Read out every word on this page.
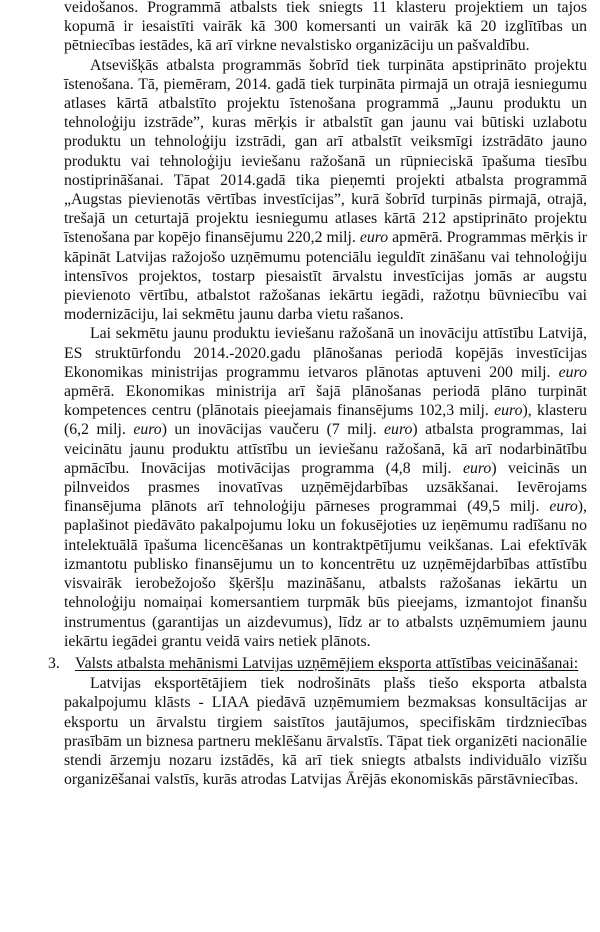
veidošanos. Programmā atbalsts tiek sniegts 11 klasteru projektiem un tajos kopumā ir iesaistīti vairāk kā 300 komersanti un vairāk kā 20 izglītības un pētniecības iestādes, kā arī virkne nevalstisko organizāciju un pašvaldību.

Atsevišķās atbalsta programmās šobrīd tiek turpināta apstiprināto projektu īstenošana. Tā, piemēram, 2014. gadā tiek turpināta pirmajā un otrajā iesniegumu atlases kārtā atbalstīto projektu īstenošana programmā „Jaunu produktu un tehnoloģiju izstrāde”, kuras mērķis ir atbalstīt gan jaunu vai būtiski uzlabotu produktu un tehnoloģiju izstrādi, gan arī atbalstīt veiksmīgi izstrādāto jauno produktu vai tehnoloģiju ieviešanu ražošanā un rūpnieciskā īpašuma tiesību nostiprināšanai. Tāpat 2014.gadā tika pieņemti projekti atbalsta programmā „Augstas pievienotās vērtības investīcijas”, kurā šobrīd turpinās pirmajā, otrajā, trešajā un ceturtajā projektu iesniegumu atlases kārtā 212 apstiprināto projektu īstenošana par kopējo finansējumu 220,2 milj. euro apmērā. Programmas mērķis ir kāpināt Latvijas ražojošo uzņēmumu potenciālu ieguldīt zināšanu vai tehnoloģiju intensīvos projektos, tostarp piesaistīt ārvalstu investīcijas jomās ar augstu pievienoto vērtību, atbalstot ražošanas iekārtu iegādi, ražotņu būvniecību vai modernizāciju, lai sekmētu jaunu darba vietu rašanos.

Lai sekmētu jaunu produktu ieviešanu ražošanā un inovāciju attīstību Latvijā, ES struktūrfondu 2014.-2020.gadu plānošanas periodā kopējās investīcijas Ekonomikas ministrijas programmu ietvaros plānotas aptuveni 200 milj. euro apmērā. Ekonomikas ministrija arī šajā plānošanas periodā plāno turpināt kompetences centru (plānotais pieejamais finansējums 102,3 milj. euro), klasteru (6,2 milj. euro) un inovācijas vaučeru (7 milj. euro) atbalsta programmas, lai veicinātu jaunu produktu attīstību un ieviešanu ražošanā, kā arī nodarbinātību apmācību. Inovācijas motivācijas programma (4,8 milj. euro) veicinās un pilnveidos prasmes inovatīvas uzņēmējdarbības uzsākšanai. Ievērojams finansējuma plānots arī tehnoloģiju pārneses programmai (49,5 milj. euro), paplašinot piedāvāto pakalpojumu loku un fokusējoties uz ieņēmumu radīšanu no intelektuālā īpašuma licencēšanas un kontraktpētījumu veikšanas. Lai efektīvāk izmantotu publisko finansējumu un to koncentrētu uz uzņēmējdarbības attīstību visvairāk ierobežojošo šķēršļu mazināšanu, atbalsts ražošanas iekārtu un tehnoloģiju nomaiņai komersantiem turpmāk būs pieejams, izmantojot finanšu instrumentus (garantijas un aizdevumus), līdz ar to atbalsts uzņēmumiem jaunu iekārtu iegādei grantu veidā vairs netiek plānots.

3. Valsts atbalsta mehānismi Latvijas uzņēmējiem eksporta attīstības veicināšanai:

Latvijas eksportētājiem tiek nodrošināts plašs tiešo eksporta atbalsta pakalpojumu klāsts - LIAA piedāvā uzņēmumiem bezmaksas konsultācijas ar eksportu un ārvalstu tirgiem saistītos jautājumos, specifiskām tirdzniecības prasībām un biznesa partneru meklēšanu ārvalstīs. Tāpat tiek organizēti nacionālie stendi ārzemju nozaru izstādēs, kā arī tiek sniegts atbalsts individuālo vizīšu organizēšanai valstīs, kurās atrodas Latvijas Ārējās ekonomiskās pārstāvniecības.
